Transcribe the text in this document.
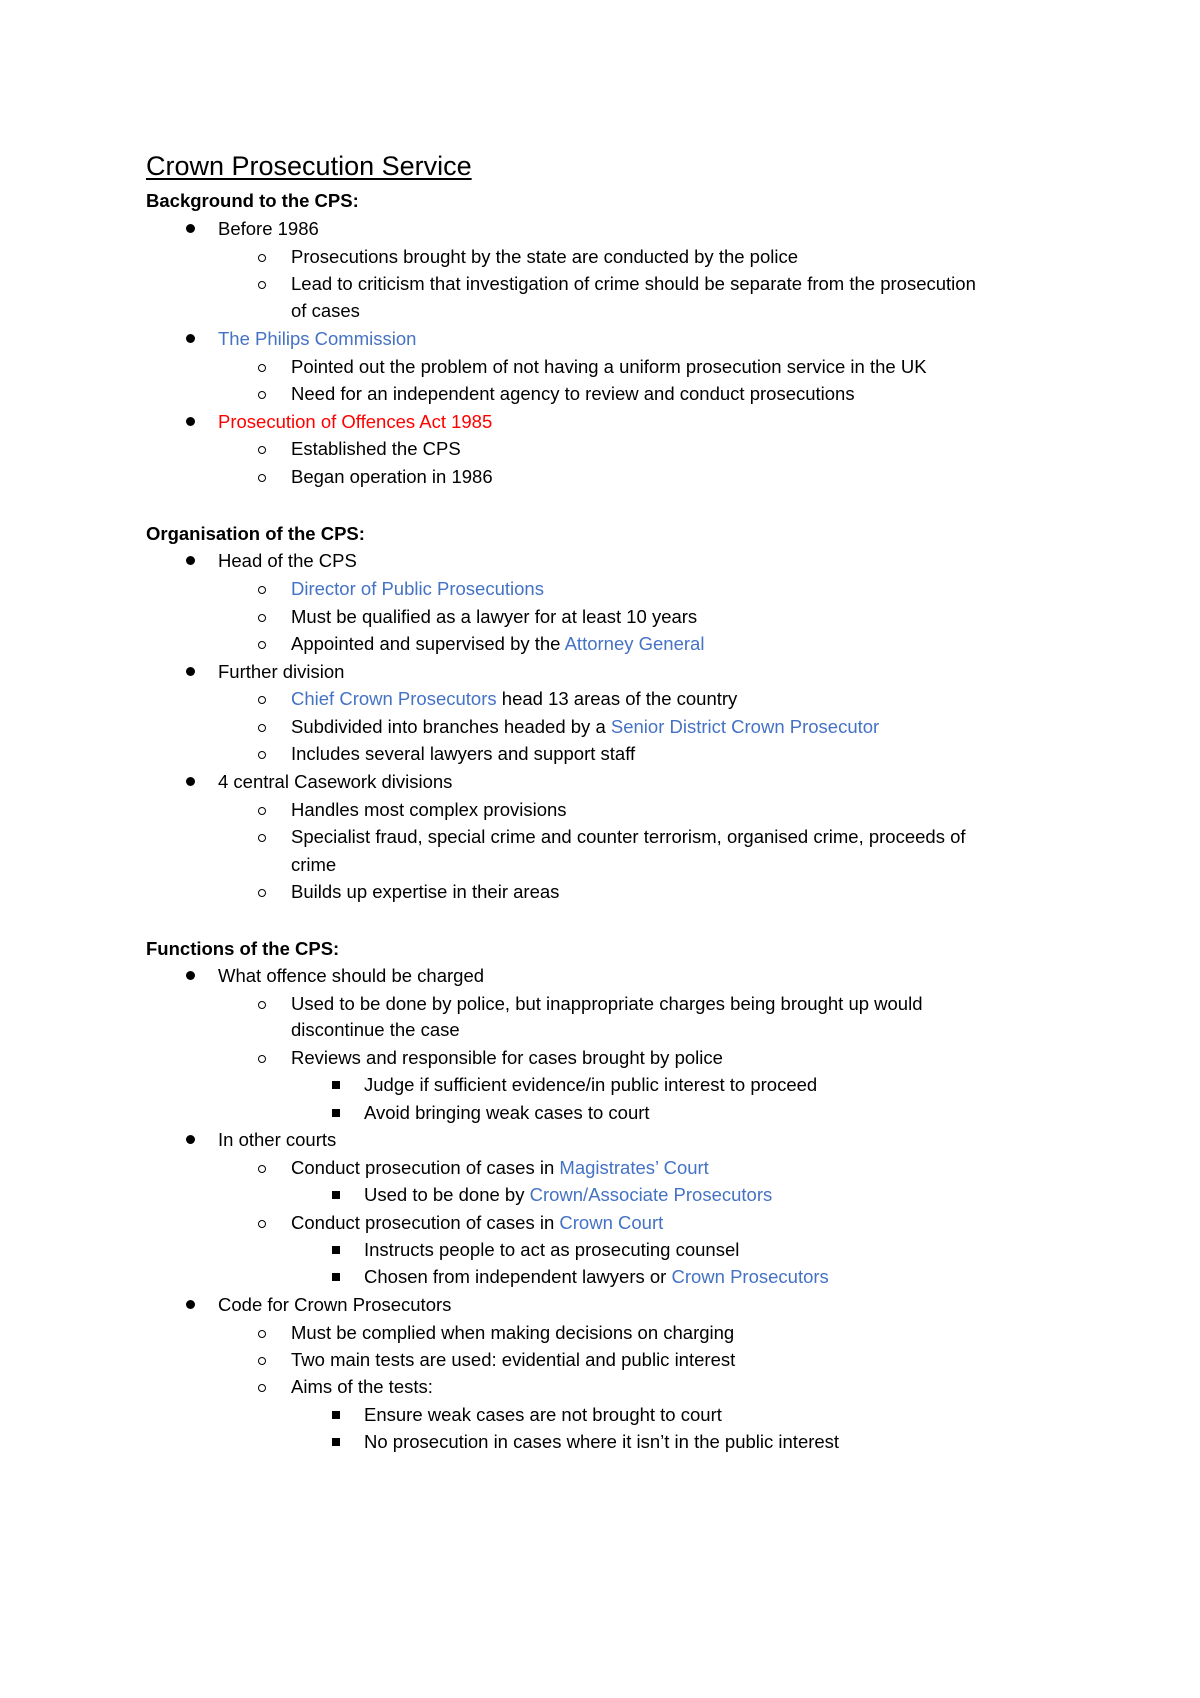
Crown Prosecution Service
Background to the CPS:
Before 1986
Prosecutions brought by the state are conducted by the police
Lead to criticism that investigation of crime should be separate from the prosecution
of cases
The Philips Commission
Pointed out the problem of not having a uniform prosecution service in the UK
Need for an independent agency to review and conduct prosecutions
Prosecution of Offences Act 1985
Established the CPS
Began operation in 1986
Organisation of the CPS:
Head of the CPS
Director of Public Prosecutions
Must be qualified as a lawyer for at least 10 years
Appointed and supervised by the Attorney General
Further division
Chief Crown Prosecutors head 13 areas of the country
Subdivided into branches headed by a Senior District Crown Prosecutor
Includes several lawyers and support staff
4 central Casework divisions
Handles most complex provisions
Specialist fraud, special crime and counter terrorism, organised crime, proceeds of
crime
Builds up expertise in their areas
Functions of the CPS:
What offence should be charged
Used to be done by police, but inappropriate charges being brought up would
discontinue the case
Reviews and responsible for cases brought by police
Judge if sufficient evidence/in public interest to proceed
Avoid bringing weak cases to court
In other courts
Conduct prosecution of cases in Magistrates’ Court
Used to be done by Crown/Associate Prosecutors
Conduct prosecution of cases in Crown Court
Instructs people to act as prosecuting counsel
Chosen from independent lawyers or Crown Prosecutors
Code for Crown Prosecutors
Must be complied when making decisions on charging
Two main tests are used: evidential and public interest
Aims of the tests:
Ensure weak cases are not brought to court
No prosecution in cases where it isn’t in the public interest
